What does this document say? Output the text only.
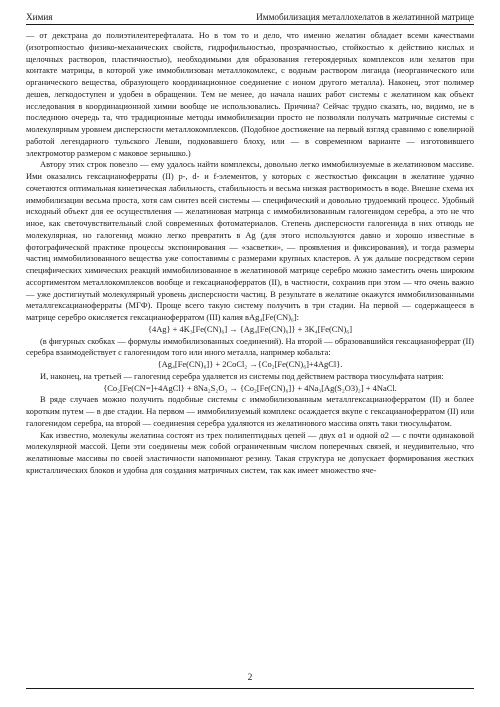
Химия	Иммобилизация металлохелатов в желатинной матрице

— от декстрана до полиэтилентерефталата. Но в том то и дело, что именно желатин обладает всеми качествами (изотропностью физико-механических свойств, гидрофильностью, прозрачностью, стойкостью к действию кислых и щелочных растворов, пластичностью), необходимыми для образования гетероядерных комплексов или хелатов при контакте матрицы, в которой уже иммобилизован металлокомлекс, с водным раствором лиганда (неорганического или органического вещества, образующего координационное соединение с ионом другого металла). Наконец, этот полимер дешев, легкодоступен и удобен в обращении. Тем не менее, до начала наших работ системы с желатином как объект исследования в координационной химии вообще не использовались. Причина? Сейчас трудно сказать, но, видимо, не в последнюю очередь та, что традиционные методы иммобилизации просто не позволяли получать матричные системы с молекулярным уровнем дисперсности металлокомплексов. (Подобное достижение на первый взгляд сравнимо с ювелирной работой легендарного тульского Левши, подковавшего блоху, или — в современном варианте — изготовившего электромотор размером с маковое зернышко.)

Автору этих строк повезло — ему удалось найти комплексы, довольно легко иммобилизуемые в желатиновом массиве. Ими оказались гексацианоферраты (II) р-, d- и f-элементов, у которых с жесткостью фиксации в желатине удачно сочетаются оптимальная кинетическая лабильность, стабильность и весьма низкая растворимость в воде. Внешне схема их иммобилизации весьма проста, хотя сам синтез всей системы — специфический и довольно трудоемкий процесс. Удобный исходный объект для ее осуществления — желатиновая матрица с иммобилизованным галогенидом серебра, а это не что иное, как светочувствительный слой современных фотоматериалов. Степень дисперсности галогенида в них отнюдь не молекулярная, но галогенид можно легко превратить в Ag (для этого используются давно и хорошо известные в фотографической практике процессы экспонирования — «засветки», — проявления и фиксирования), и тогда размеры частиц иммобилизованного вещества уже сопоставимы с размерами крупных кластеров. А уж дальше посредством серии специфических химических реакций иммобилизованное в желатиновой матрице серебро можно заместить очень широким ассортиментом металлокомплексов вообще и гексацианоферратов (II), в частности, сохранив при этом — что очень важно — уже достигнутый молекулярный уровень дисперсности частиц. В результате в желатине окажутся иммобилизованными металлгексацианоферраты (МГФ). Проще всего такую систему получить в три стадии. На первой — содержащееся в матрице серебро окисляется гексацианоферратом (III) калия вAg₄[Fe(CN)₆]:

{4Ag} + 4K₃[Fe(CN)₆] → {Ag₄[Fe(CN)₆]} + 3K₄[Fe(CN)₆]

(в фигурных скобках — формулы иммобилизованных соединений). На второй — образовавшийся гексацианоферрат (II) серебра взаимодействует с галогенидом того или иного металла, например кобальта:

{Ag₄[Fe(CN)₆]} + 2CoCl₂ →{Co₂[Fe(CN)₆]+4AgCl}.

И, наконец, на третьей — галогенид серебра удаляется из системы под действием раствора тиосульфата натрия:

{Co₂[Fe(CN=]+4AgCl} + 8Na₂S₂O₃ → {Co₂[Fe(CN)₆]} + 4Na₃[Ag(S₂O3)₂] + 4NaCl.

В ряде случаев можно получить подобные системы с иммобилизованным металлгексацианоферратом (II) и более коротким путем — в две стадии. На первом — иммобилизуемый комплекс осаждается вкупе с гексацианоферратом (II) или галогенидом серебра, на второй — соединения серебра удаляются из желатинового массива опять таки тиосульфатом.

Как известно, молекулы желатина состоят из трех полипептидных цепей — двух α1 и одной α2 — с почти одинаковой молекулярной массой. Цепи эти соединены меж собой ограниченным числом поперечных связей, и неудивительно, что желатиновые массивы по своей эластичности напоминают резину. Такая структура не допускает формирования жестких кристаллических блоков и удобна для создания матричных систем, так как имеет множество яче-

2
